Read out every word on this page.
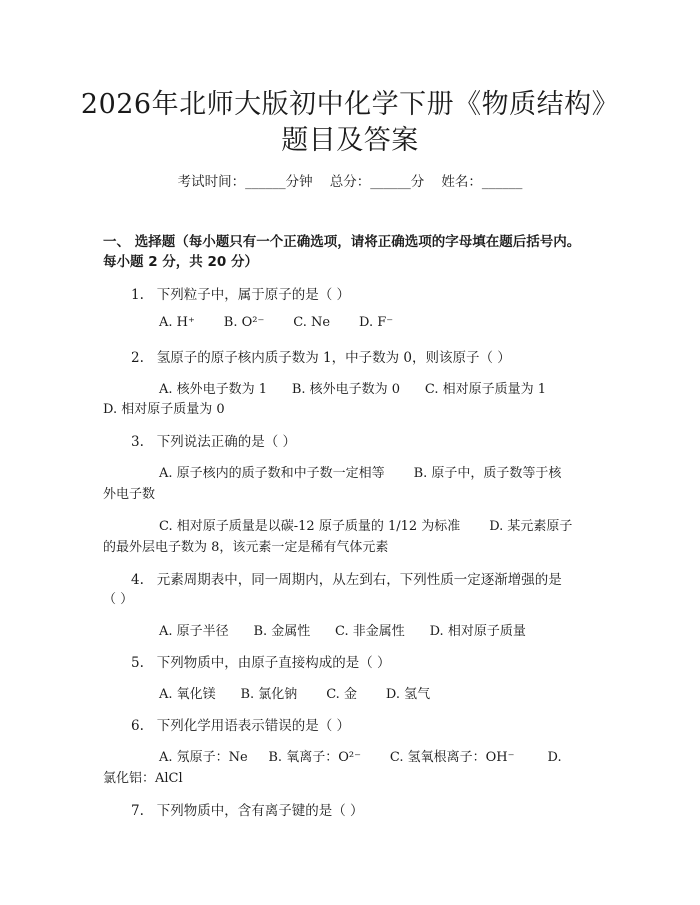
2026年北师大版初中化学下册《物质结构》
题目及答案
考试时间：______分钟    总分：______分    姓名：______
一、 选择题（每小题只有一个正确选项，请将正确选项的字母填在题后括号内。
每小题 2 分，共 20 分）
1.   下列粒子中，属于原子的是（ ）
A. H⁺       B. O²⁻       C. Ne       D. F⁻
2.   氢原子的原子核内质子数为 1，中子数为 0，则该原子（ ）
A. 核外电子数为 1      B. 核外电子数为 0      C. 相对原子质量为 1
D. 相对原子质量为 0
3.   下列说法正确的是（ ）
A. 原子核内的质子数和中子数一定相等       B. 原子中，质子数等于核
外电子数
C. 相对原子质量是以碳-12 原子质量的 1/12 为标准       D. 某元素原子
的最外层电子数为 8，该元素一定是稀有气体元素
4.   元素周期表中，同一周期内，从左到右，下列性质一定逐渐增强的是
（ ）
A. 原子半径      B. 金属性      C. 非金属性      D. 相对原子质量
5.   下列物质中，由原子直接构成的是（ ）
A. 氧化镁      B. 氯化钠       C. 金       D. 氢气
6.   下列化学用语表示错误的是（ ）
A. 氖原子：Ne     B. 氧离子：O²⁻       C. 氢氧根离子：OH⁻        D.
氯化铝：AlCl
7.   下列物质中，含有离子键的是（ ）
